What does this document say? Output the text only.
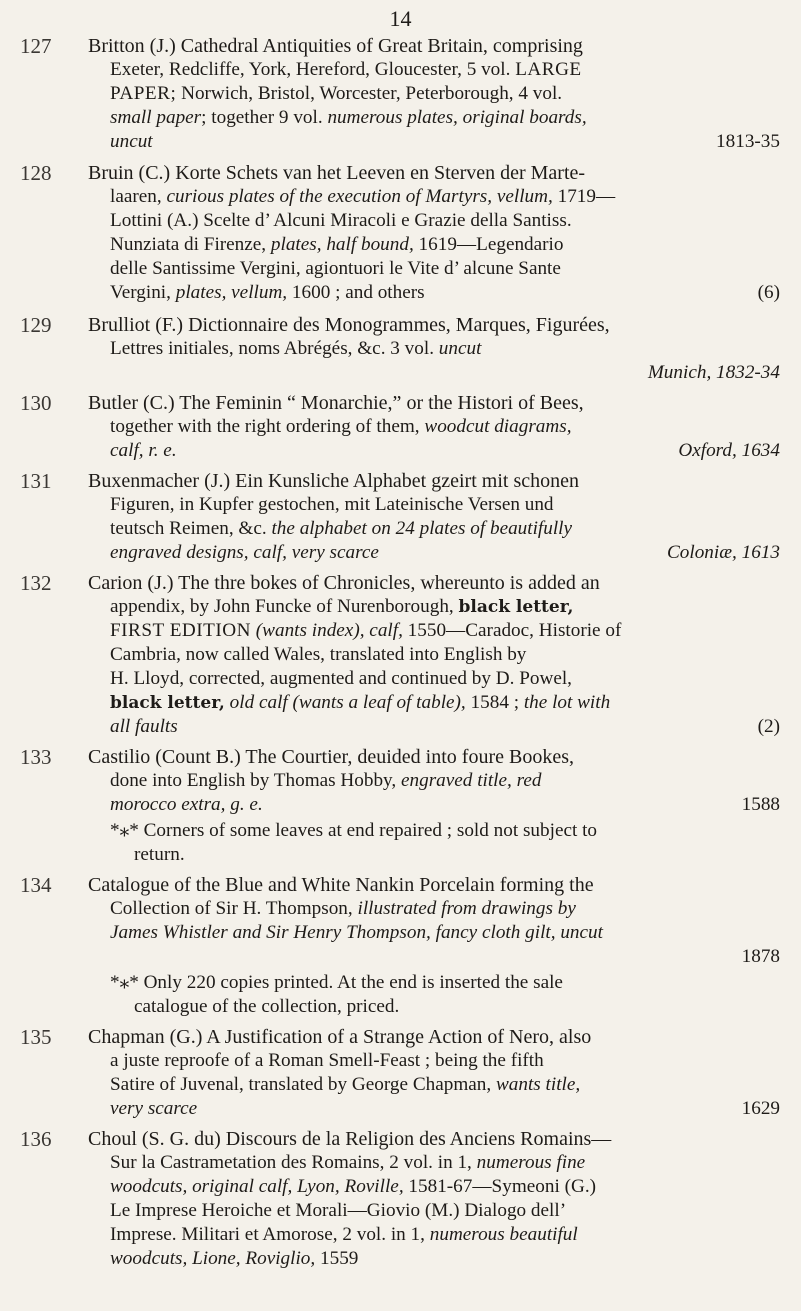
14
127	Britton (J.) Cathedral Antiquities of Great Britain, comprising
Exeter, Redcliffe, York, Hereford, Gloucester, 5 vol. LARGE
PAPER; Norwich, Bristol, Worcester, Peterborough, 4 vol.
small paper; together 9 vol. numerous plates, original boards,
uncut	1813-35
128	Bruin (C.) Korte Schets van het Leeven en Sterven der Marte-
laaren, curious plates of the execution of Martyrs, vellum, 1719—
Lottini (A.) Scelte d’ Alcuni Miracoli e Grazie della Santiss.
Nunziata di Firenze, plates, half bound, 1619—Legendario
delle Santissime Vergini, agiontuori le Vite d’ alcune Sante
Vergini, plates, vellum, 1600 ; and others	(6)
129	Brulliot (F.) Dictionnaire des Monogrammes, Marques, Figurées,
Lettres initiales, noms Abrégés, &c. 3 vol. uncut

Munich, 1832-34
130	Butler (C.) The Feminin “ Monarchie,” or the Histori of Bees,
together with the right ordering of them, woodcut diagrams,
calf, r. e.	Oxford, 1634
131	Buxenmacher (J.) Ein Kunsliche Alphabet gzeirt mit schonen
Figuren, in Kupfer gestochen, mit Lateinische Versen und
teutsch Reimen, &c. the alphabet on 24 plates of beautifully
engraved designs, calf, very scarce	Coloniæ, 1613
132	Carion (J.) The thre bokes of Chronicles, whereunto is added an
appendix, by John Funcke of Nurenborough, black letter,
FIRST EDITION (wants index), calf, 1550—Caradoc, Historie of
Cambria, now called Wales, translated into English by
H. Lloyd, corrected, augmented and continued by D. Powel,
black letter, old calf (wants a leaf of table), 1584 ; the lot with
all faults	(2)
133	Castilio (Count B.) The Courtier, deuided into foure Bookes,
done into English by Thomas Hobby, engraved title, red
morocco extra, g. e.	1588
*⁎* Corners of some leaves at end repaired ; sold not subject to
return.
134	Catalogue of the Blue and White Nankin Porcelain forming the
Collection of Sir H. Thompson, illustrated from drawings by
James Whistler and Sir Henry Thompson, fancy cloth gilt, uncut

1878
*⁎* Only 220 copies printed. At the end is inserted the sale
catalogue of the collection, priced.
135	Chapman (G.) A Justification of a Strange Action of Nero, also
a juste reproofe of a Roman Smell-Feast ; being the fifth
Satire of Juvenal, translated by George Chapman, wants title,
very scarce	1629
136	Choul (S. G. du) Discours de la Religion des Anciens Romains—
Sur la Castrametation des Romains, 2 vol. in 1, numerous fine
woodcuts, original calf, Lyon, Roville, 1581-67—Symeoni (G.)
Le Imprese Heroiche et Morali—Giovio (M.) Dialogo dell’
Imprese. Militari et Amorose, 2 vol. in 1, numerous beautiful
woodcuts, Lione, Roviglio, 1559
